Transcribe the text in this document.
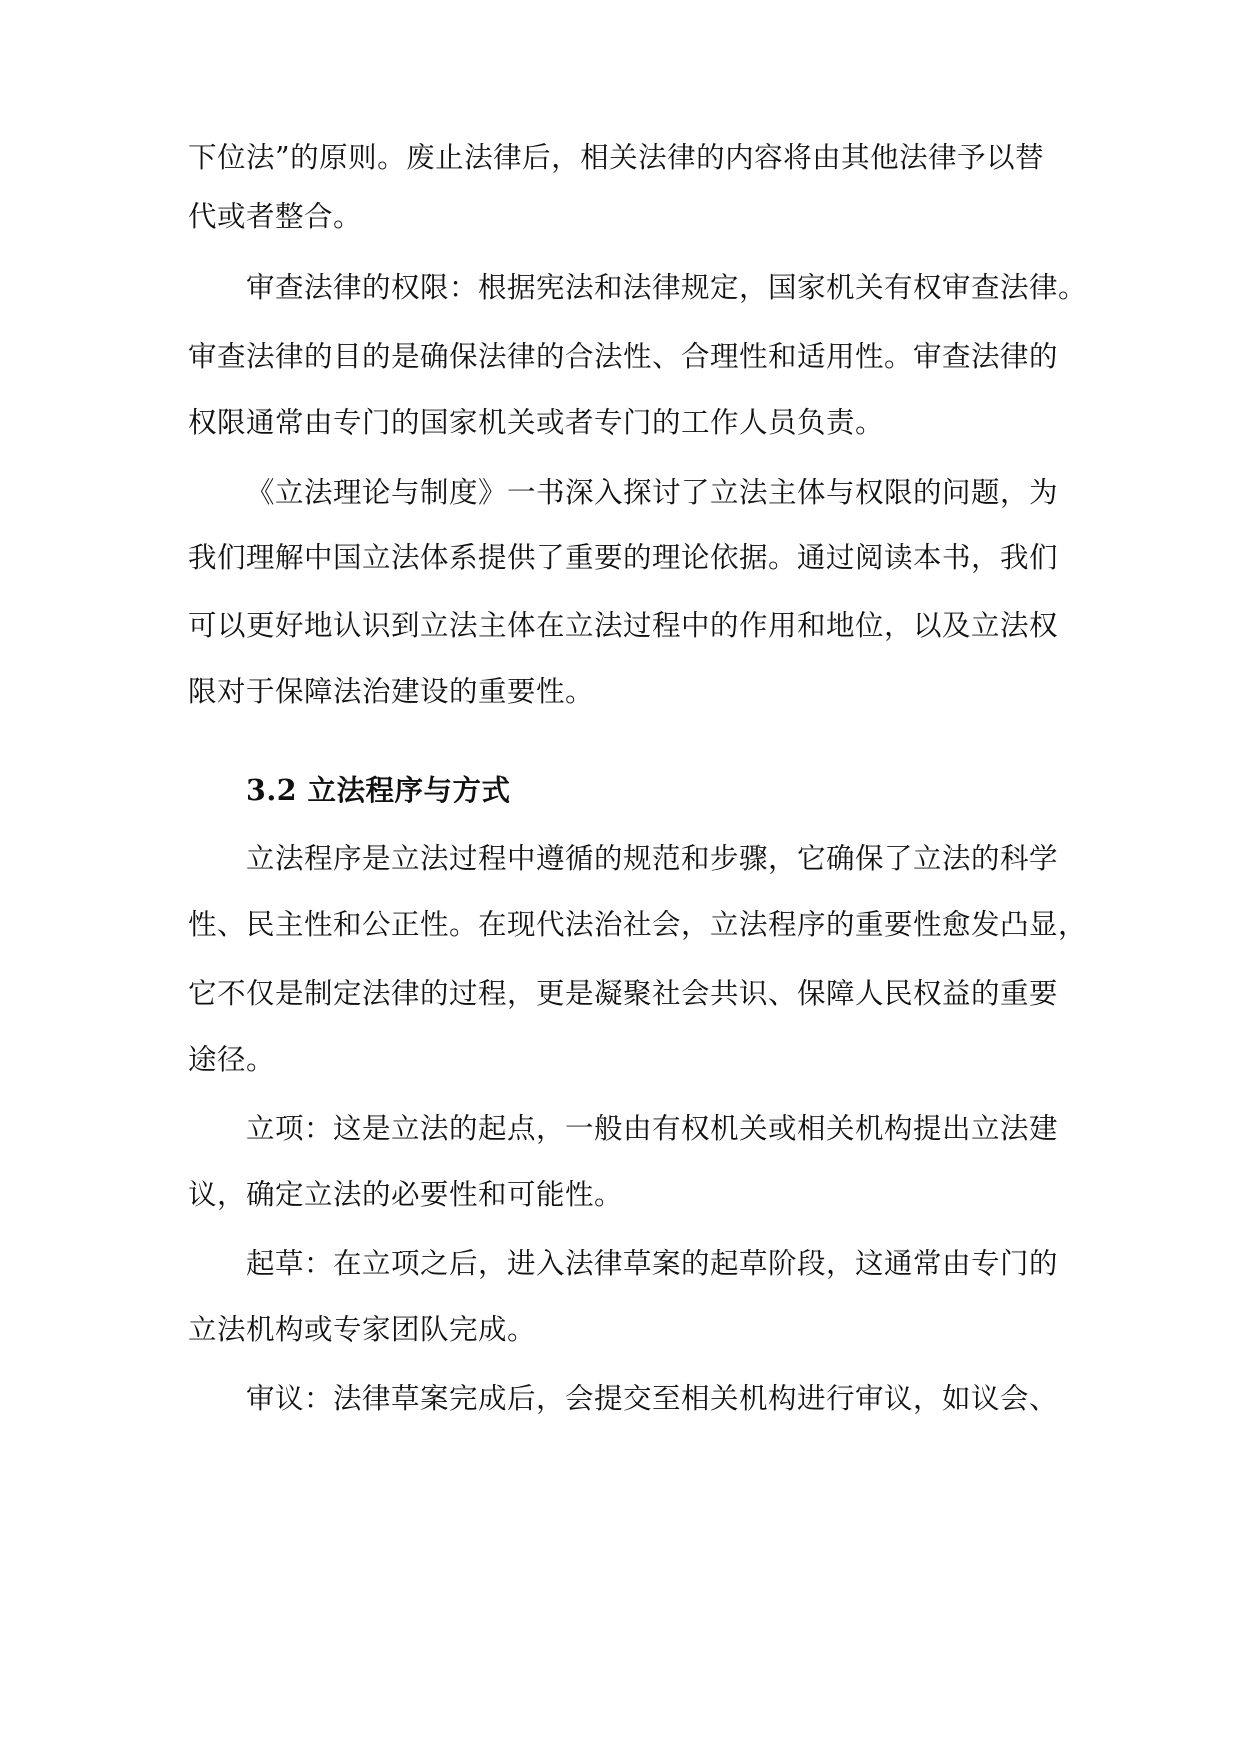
下位法”的原则。废止法律后，相关法律的内容将由其他法律予以替
代或者整合。
审查法律的权限：根据宪法和法律规定，国家机关有权审查法律。
审查法律的目的是确保法律的合法性、合理性和适用性。审查法律的
权限通常由专门的国家机关或者专门的工作人员负责。
《立法理论与制度》一书深入探讨了立法主体与权限的问题，为
我们理解中国立法体系提供了重要的理论依据。通过阅读本书，我们
可以更好地认识到立法主体在立法过程中的作用和地位，以及立法权
限对于保障法治建设的重要性。
3.2 立法程序与方式
立法程序是立法过程中遵循的规范和步骤，它确保了立法的科学
性、民主性和公正性。在现代法治社会，立法程序的重要性愈发凸显，
它不仅是制定法律的过程，更是凝聚社会共识、保障人民权益的重要
途径。
立项：这是立法的起点，一般由有权机关或相关机构提出立法建
议，确定立法的必要性和可能性。
起草：在立项之后，进入法律草案的起草阶段，这通常由专门的
立法机构或专家团队完成。
审议：法律草案完成后，会提交至相关机构进行审议，如议会、
